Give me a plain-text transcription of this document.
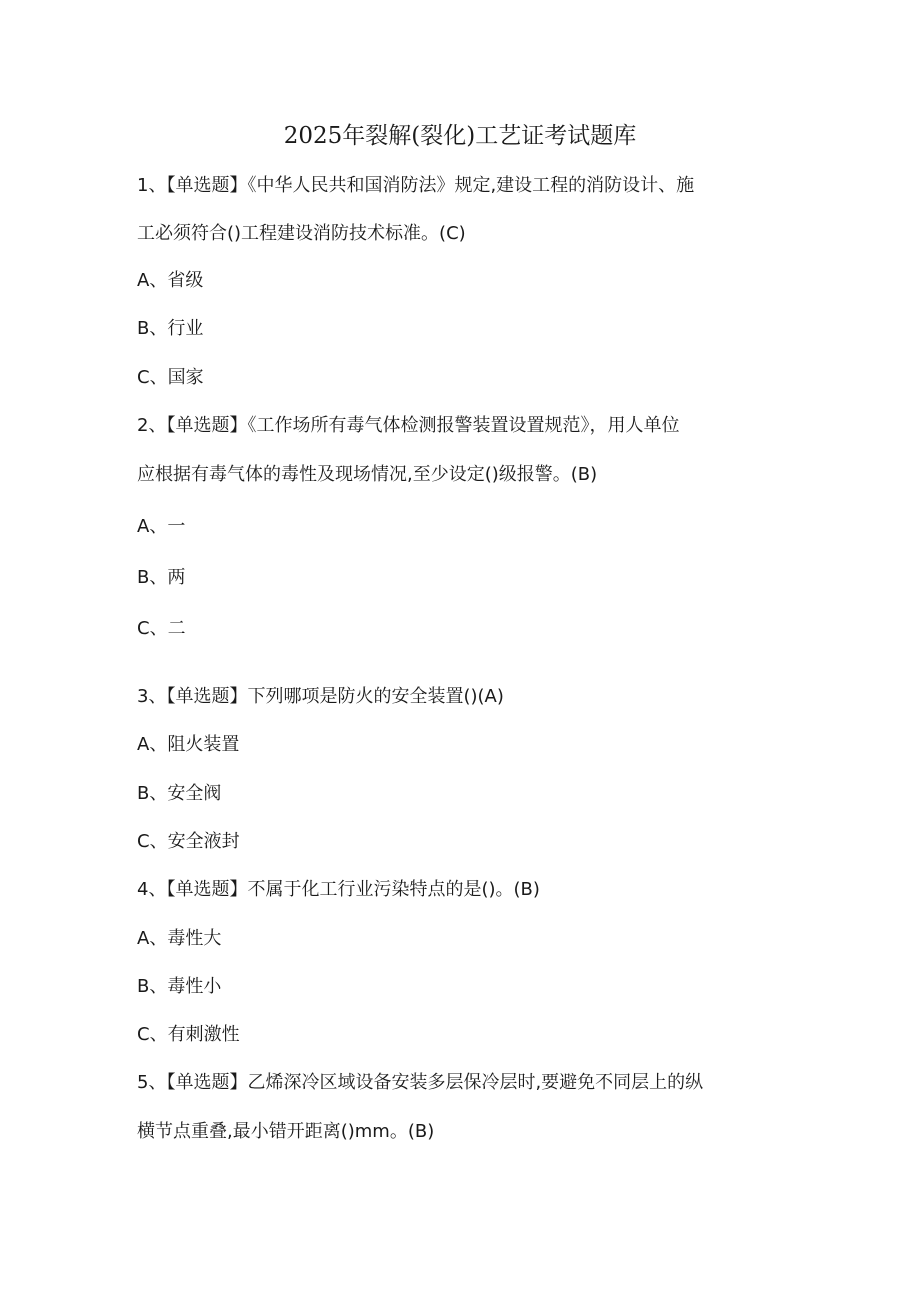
2025年裂解(裂化)工艺证考试题库
1、【单选题】《中华人民共和国消防法》规定,建设工程的消防设计、施
工必须符合()工程建设消防技术标准。(C)
A、省级
B、行业
C、国家
2、【单选题】《工作场所有毒气体检测报警装置设置规范》，用人单位
应根据有毒气体的毒性及现场情况,至少设定()级报警。(B)
A、一
B、两
C、二
3、【单选题】下列哪项是防火的安全装置()(A)
A、阻火装置
B、安全阀
C、安全液封
4、【单选题】不属于化工行业污染特点的是()。(B)
A、毒性大
B、毒性小
C、有刺激性
5、【单选题】乙烯深冷区域设备安装多层保冷层时,要避免不同层上的纵
横节点重叠,最小错开距离()mm。(B)
